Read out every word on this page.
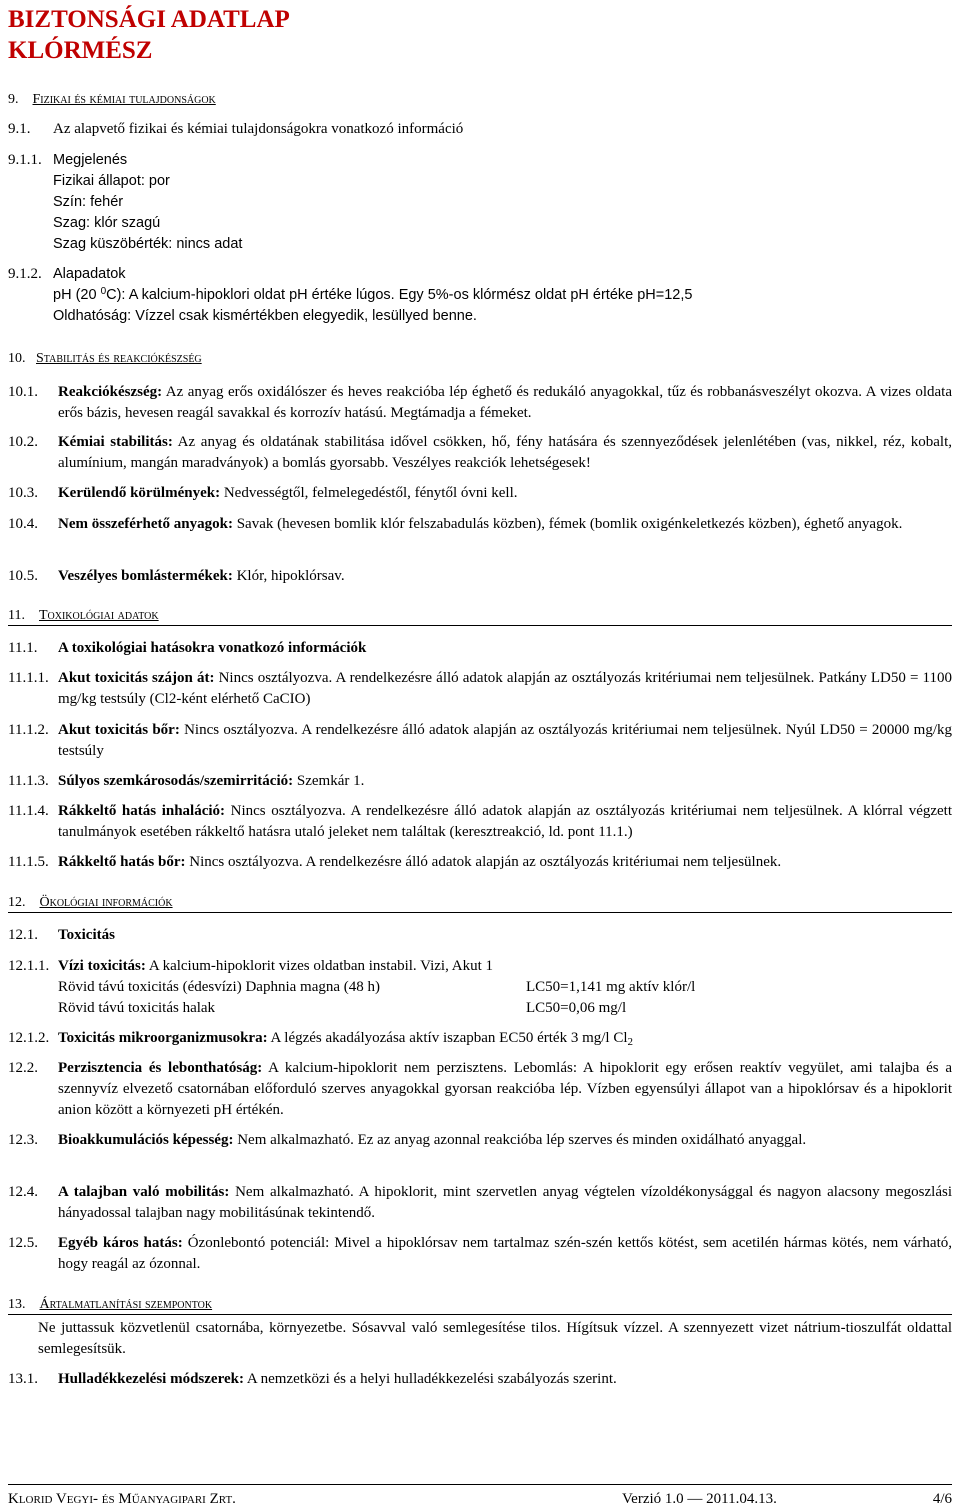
BIZTONSÁGI ADATLAP
KLÓRMÉSZ
9. Fizikai és kémiai tulajdonságok
9.1.	Az alapvető fizikai és kémiai tulajdonságokra vonatkozó információ
9.1.1. Megjelenés
Fizikai állapot: por
Szín: fehér
Szag: klór szagú
Szag küszöbérték: nincs adat
9.1.2. Alapadatok
pH (20 $^0$C): A kalcium-hipoklori oldat pH értéke lúgos. Egy 5%-os klórmész oldat pH értéke pH=12,5
Oldhatóság: Vízzel csak kismértékben elegyedik, lesüllyed benne.
10. Stabilitás és reakciókészség
10.1.	Reakciókészség: Az anyag erős oxidálószer és heves reakcióba lép éghető és redukáló anyagokkal, tűz és robbanásveszélyt okozva. A vizes oldata erős bázis, hevesen reagál savakkal és korrozív hatású. Megtámadja a fémeket.
10.2.	Kémiai stabilitás: Az anyag és oldatának stabilitása idővel csökken, hő, fény hatására és szennyeződések jelenlétében (vas, nikkel, réz, kobalt, alumínium, mangán maradványok) a bomlás gyorsabb. Veszélyes reakciók lehetségesek!
10.3.	Kerülendő körülmények: Nedvességtől, felmelegedéstől, fénytől óvni kell.
10.4.	Nem összeférhető anyagok: Savak (hevesen bomlik klór felszabadulás közben), fémek (bomlik oxigénkeletkezés közben), éghető anyagok.
10.5.	Veszélyes bomlástermékek: Klór, hipoklórsav.
11. Toxikológiai adatok
11.1.	A toxikológiai hatásokra vonatkozó információk
11.1.1. Akut toxicitás szájon át: Nincs osztályozva. A rendelkezésre álló adatok alapján az osztályozás kritériumai nem teljesülnek. Patkány LD50 = 1100 mg/kg testsúly (Cl2-ként elérhető CaCIO)
11.1.2. Akut toxicitás bőr: Nincs osztályozva. A rendelkezésre álló adatok alapján az osztályozás kritériumai nem teljesülnek. Nyúl LD50 = 20000 mg/kg testsúly
11.1.3. Súlyos szemkárosodás/szemirritáció: Szemkár 1.
11.1.4. Rákkeltő hatás inhaláció: Nincs osztályozva. A rendelkezésre álló adatok alapján az osztályozás kritériumai nem teljesülnek. A klórral végzett tanulmányok esetében rákkeltő hatásra utaló jeleket nem találtak (keresztreakció, ld. pont 11.1.)
11.1.5. Rákkeltő hatás bőr: Nincs osztályozva. A rendelkezésre álló adatok alapján az osztályozás kritériumai nem teljesülnek.
12. Ökológiai információk
12.1.	Toxicitás
12.1.1. Vízi toxicitás: A kalcium-hipoklorit vizes oldatban instabil. Vizi, Akut 1
Rövid távú toxicitás (édesvízi) Daphnia magna (48 h)	LC50=1,141 mg aktív klór/l
Rövid távú toxicitás halak	LC50=0,06 mg/l
12.1.2. Toxicitás mikroorganizmusokra: A légzés akadályozása aktív iszapban EC50 érték 3 mg/l $Cl_2$
12.2.	Perzisztencia és lebonthatóság: A kalcium-hipoklorit nem perzisztens. Lebomlás: A hipoklorit egy erősen reaktív vegyület, ami talajba és a szennyvíz elvezető csatornában előforduló szerves anyagokkal gyorsan reakcióba lép. Vízben egyensúlyi állapot van a hipoklórsav és a hipoklorit anion között a környezeti pH értékén.
12.3.	Bioakkumulációs képesség: Nem alkalmazható. Ez az anyag azonnal reakcióba lép szerves és minden oxidálható anyaggal.
12.4.	A talajban való mobilitás: Nem alkalmazható. A hipoklorit, mint szervetlen anyag végtelen vízoldékonysággal és nagyon alacsony megoszlási hányadossal talajban nagy mobilitásúnak tekintendő.
12.5.	Egyéb káros hatás: Ózonlebontó potenciál: Mivel a hipoklórsav nem tartalmaz szén-szén kettős kötést, sem acetilén hármas kötés, nem várható, hogy reagál az ózonnal.
13. Ártalmatlanítási szempontok
Ne juttassuk közvetlenül csatornába, környezetbe. Sósavval való semlegesítése tilos. Hígítsuk vízzel. A szennyezett vizet nátrium-tioszulfát oldattal semlegesítsük.
13.1.	Hulladékkezelési módszerek: A nemzetközi és a helyi hulladékkezelési szabályozás szerint.
Klorid Vegyi- és Műanyagipari Zrt.	Verzió 1.0 — 2011.04.13.	4/6
